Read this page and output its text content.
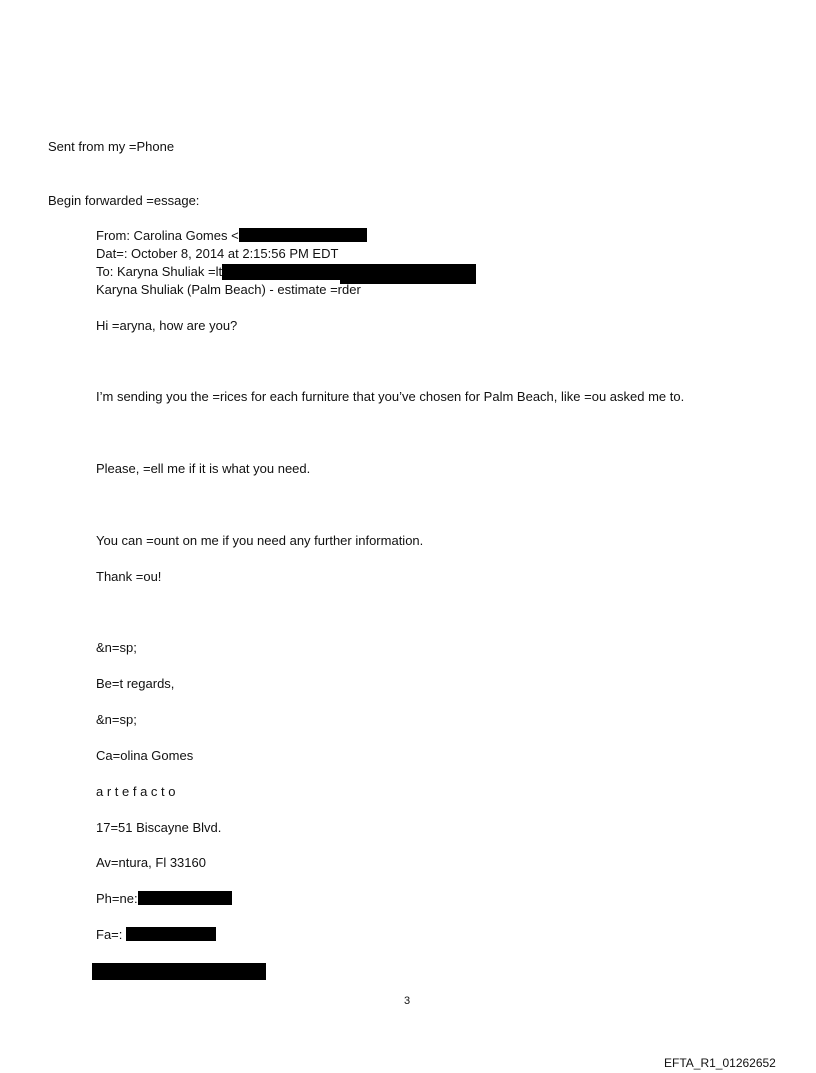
Sent from my =Phone
Begin forwarded =essage:
From: Carolina Gomes <
Dat=: October 8, 2014 at 2:15:56 PM EDT
To: Karyna Shuliak =lt
Karyna Shuliak (Palm Beach) - estimate =rder
Hi =aryna, how are you?
I’m sending you the =rices for each furniture that you’ve chosen for Palm Beach, like =ou asked me to.
Please, =ell me if it is what you need.
You can =ount on me if you need any further information.
Thank =ou!
&n=sp;
Be=t regards,
&n=sp;
Ca=olina Gomes
a r t e f a c t o
17=51 Biscayne Blvd.
Av=ntura, Fl 33160
Ph=ne:
Fa=:
3
EFTA_R1_01262652
